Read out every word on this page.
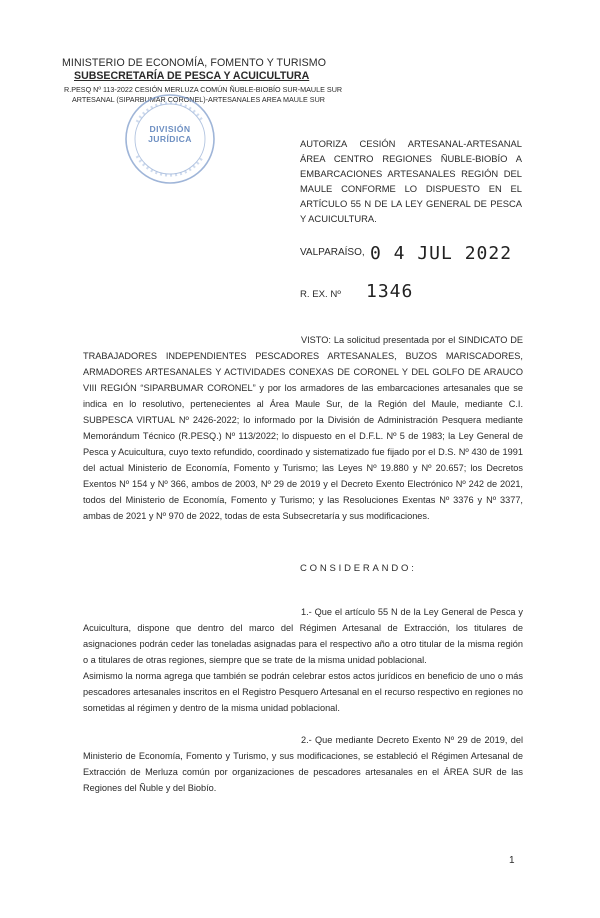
MINISTERIO DE ECONOMÍA, FOMENTO Y TURISMO
SUBSECRETARÍA DE PESCA Y ACUICULTURA
R.PESQ Nº 113-2022 CESIÓN MERLUZA COMÚN ÑUBLE-BIOBÍO SUR-MAULE SUR
ARTESANAL (SIPARBUMAR CORONEL)-ARTESANALES AREA MAULE SUR
DIVISIÓN
JURÍDICA	AUTORIZA CESIÓN ARTESANAL-ARTESANAL ÁREA CENTRO REGIONES ÑUBLE-BIOBÍO A EMBARCACIONES ARTESANALES REGIÓN DEL MAULE CONFORME LO DISPUESTO EN EL ARTÍCULO 55 N DE LA LEY GENERAL DE PESCA Y ACUICULTURA.
VALPARAÍSO, 0 4 JUL 2022
R. EX. Nº 1346
VISTO: La solicitud presentada por el SINDICATO DE TRABAJADORES INDEPENDIENTES PESCADORES ARTESANALES, BUZOS MARISCADORES, ARMADORES ARTESANALES Y ACTIVIDADES CONEXAS DE CORONEL Y DEL GOLFO DE ARAUCO VIII REGIÓN “SIPARBUMAR CORONEL” y por los armadores de las embarcaciones artesanales que se indica en lo resolutivo, pertenecientes al Área Maule Sur, de la Región del Maule, mediante C.I. SUBPESCA VIRTUAL Nº 2426-2022; lo informado por la División de Administración Pesquera mediante Memorándum Técnico (R.PESQ.) Nº 113/2022; lo dispuesto en el D.F.L. Nº 5 de 1983; la Ley General de Pesca y Acuicultura, cuyo texto refundido, coordinado y sistematizado fue fijado por el D.S. Nº 430 de 1991 del actual Ministerio de Economía, Fomento y Turismo; las Leyes Nº 19.880 y Nº 20.657; los Decretos Exentos Nº 154 y Nº 366, ambos de 2003, Nº 29 de 2019 y el Decreto Exento Electrónico Nº 242 de 2021, todos del Ministerio de Economía, Fomento y Turismo; y las Resoluciones Exentas Nº 3376 y Nº 3377, ambas de 2021 y Nº 970 de 2022, todas de esta Subsecretaría y sus modificaciones.
CONSIDERANDO:
1.- Que el artículo 55 N de la Ley General de Pesca y Acuicultura, dispone que dentro del marco del Régimen Artesanal de Extracción, los titulares de asignaciones podrán ceder las toneladas asignadas para el respectivo año a otro titular de la misma región o a titulares de otras regiones, siempre que se trate de la misma unidad poblacional.
Asimismo la norma agrega que también se podrán celebrar estos actos jurídicos en beneficio de uno o más pescadores artesanales inscritos en el Registro Pesquero Artesanal en el recurso respectivo en regiones no sometidas al régimen y dentro de la misma unidad poblacional.
2.- Que mediante Decreto Exento Nº 29 de 2019, del Ministerio de Economía, Fomento y Turismo, y sus modificaciones, se estableció el Régimen Artesanal de Extracción de Merluza común por organizaciones de pescadores artesanales en el ÁREA SUR de las Regiones del Ñuble y del Biobío.
1
